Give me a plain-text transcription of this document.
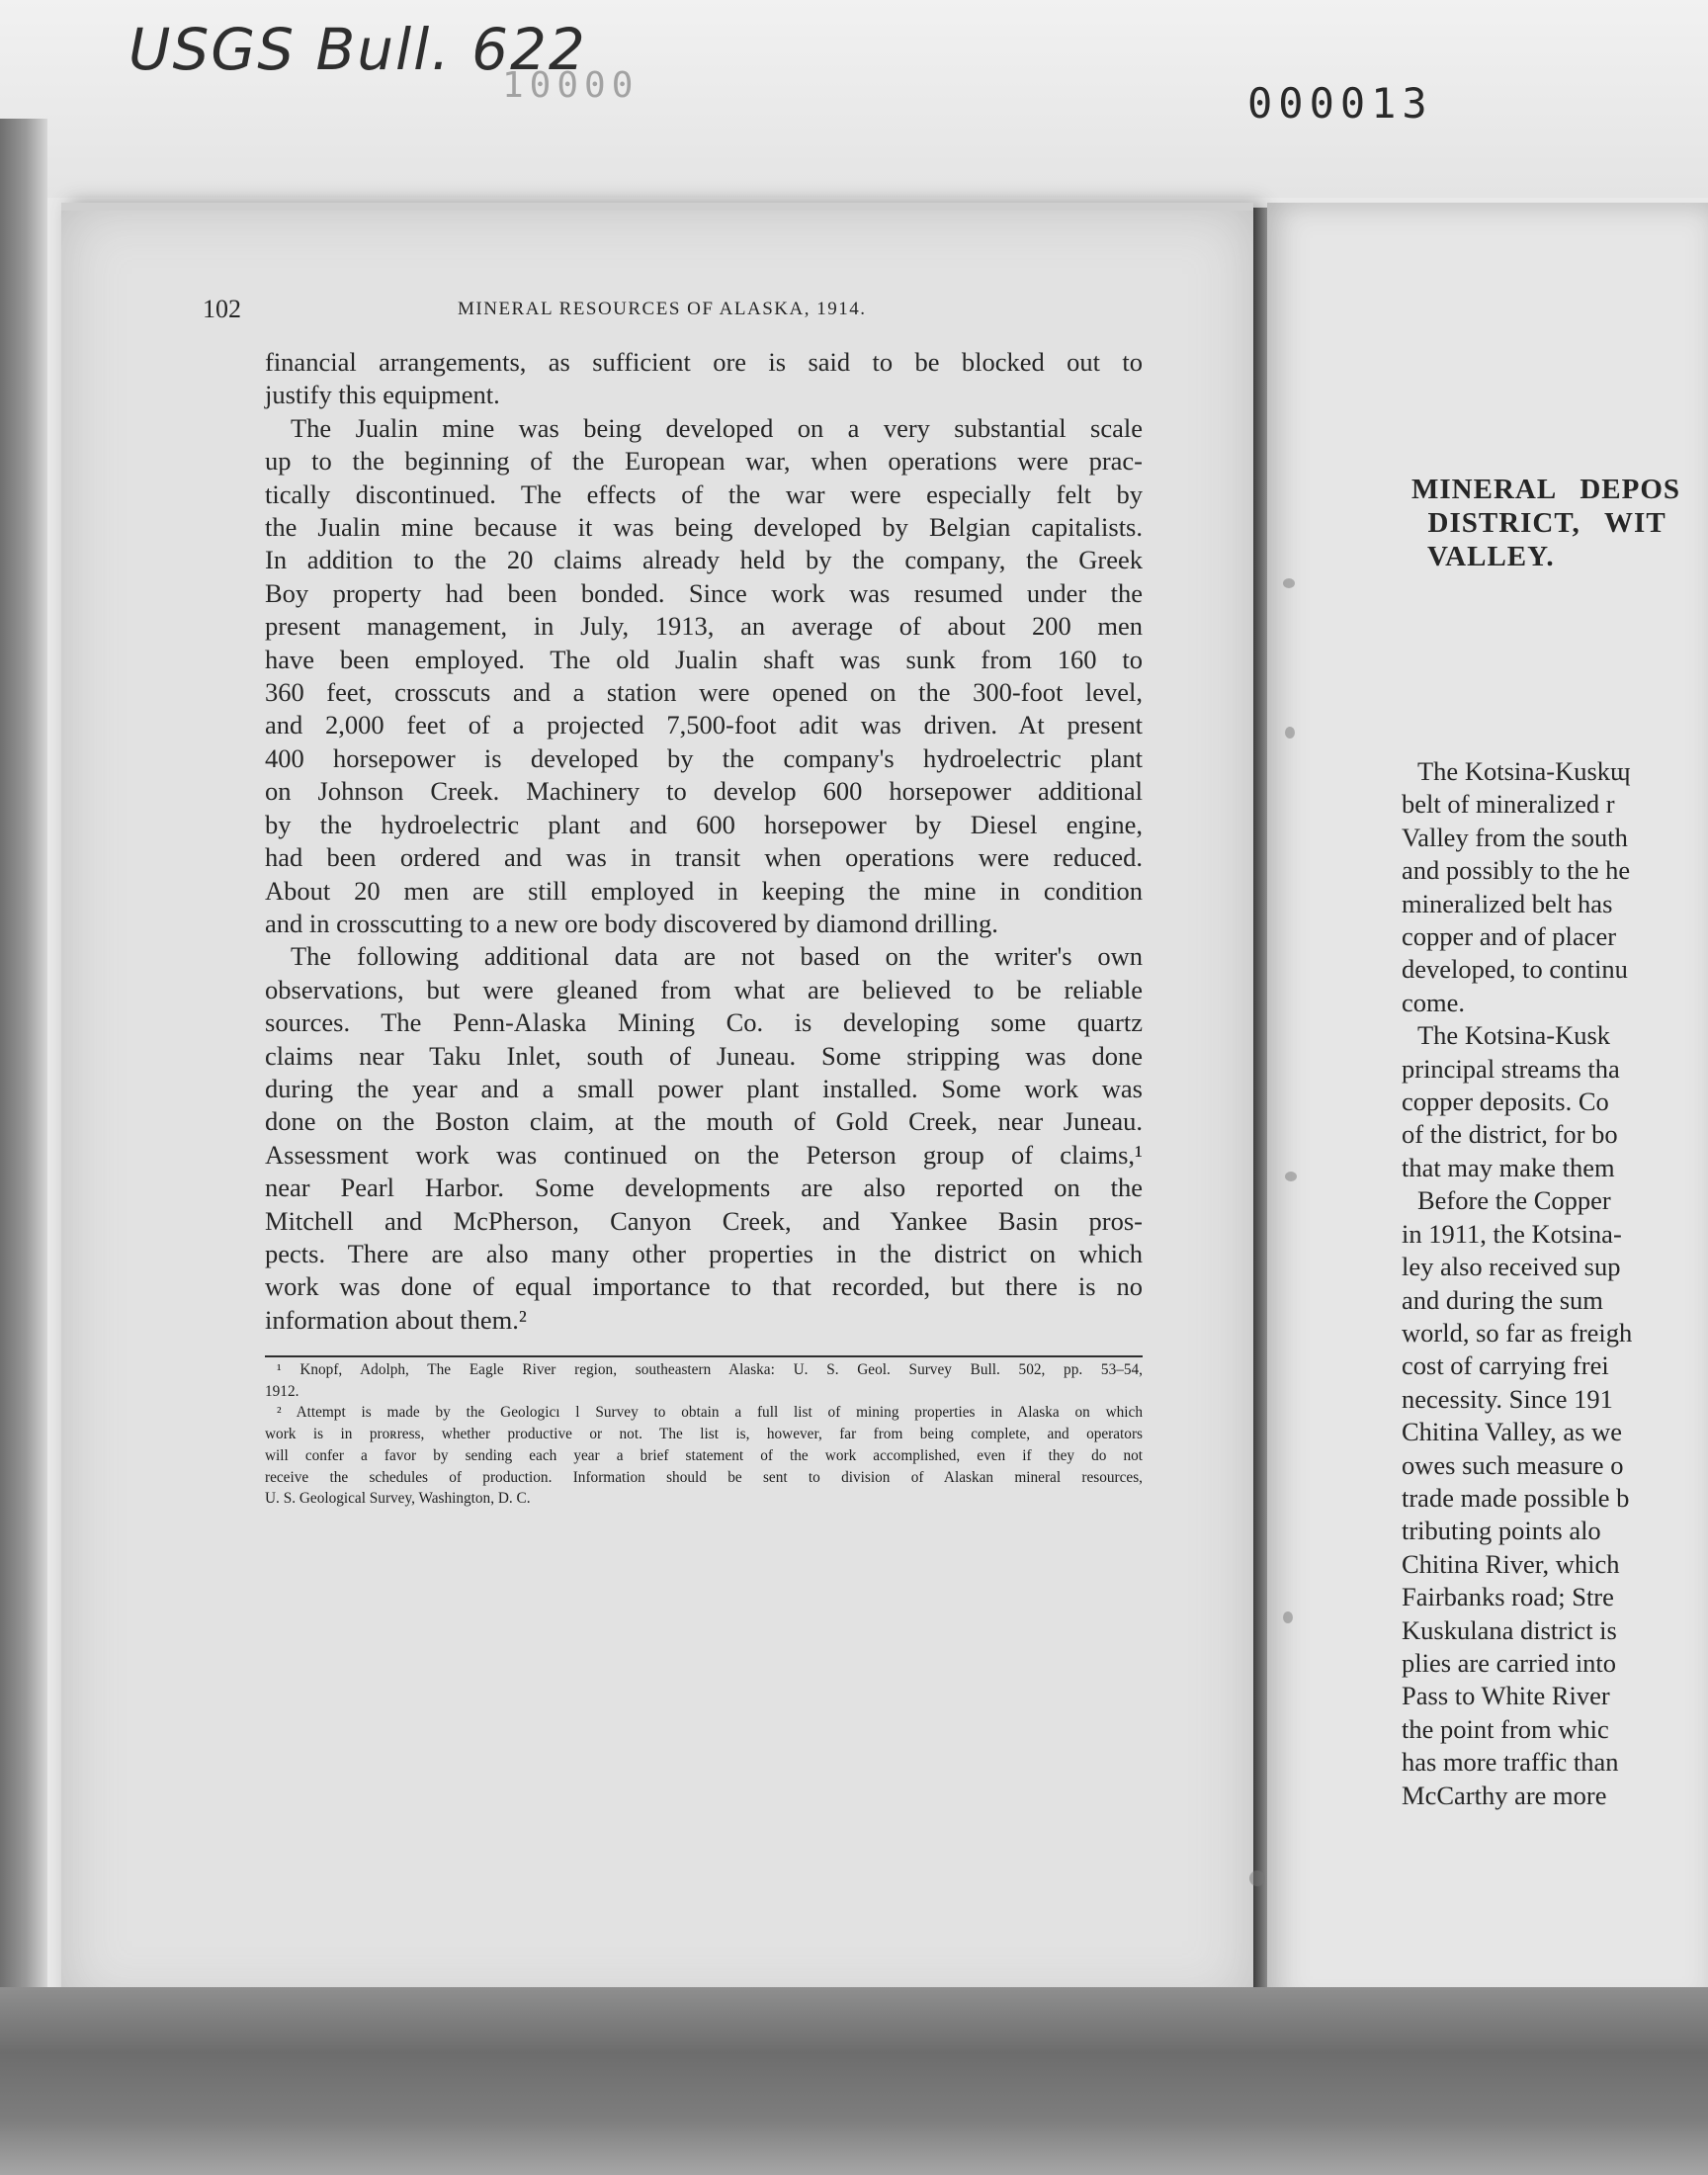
USGS Bull. 622
10000	000013
102	MINERAL RESOURCES OF ALASKA, 1914.
financial arrangements, as sufficient ore is said to be blocked out to
justify this equipment.
The Jualin mine was being developed on a very substantial scale
up to the beginning of the European war, when operations were prac-
tically discontinued. The effects of the war were especially felt by
the Jualin mine because it was being developed by Belgian capitalists.
In addition to the 20 claims already held by the company, the Greek
Boy property had been bonded. Since work was resumed under the
present management, in July, 1913, an average of about 200 men
have been employed. The old Jualin shaft was sunk from 160 to
360 feet, crosscuts and a station were opened on the 300-foot level,
and 2,000 feet of a projected 7,500-foot adit was driven. At present
400 horsepower is developed by the company's hydroelectric plant
on Johnson Creek. Machinery to develop 600 horsepower additional
by the hydroelectric plant and 600 horsepower by Diesel engine,
had been ordered and was in transit when operations were reduced.
About 20 men are still employed in keeping the mine in condition
and in crosscutting to a new ore body discovered by diamond drilling.
The following additional data are not based on the writer's own
observations, but were gleaned from what are believed to be reliable
sources. The Penn-Alaska Mining Co. is developing some quartz
claims near Taku Inlet, south of Juneau. Some stripping was done
during the year and a small power plant installed. Some work was
done on the Boston claim, at the mouth of Gold Creek, near Juneau.
Assessment work was continued on the Peterson group of claims,¹
near Pearl Harbor. Some developments are also reported on the
Mitchell and McPherson, Canyon Creek, and Yankee Basin pros-
pects. There are also many other properties in the district on which
work was done of equal importance to that recorded, but there is no
information about them.²
¹ Knopf, Adolph, The Eagle River region, southeastern Alaska: U. S. Geol. Survey Bull. 502, pp. 53–54,
1912.
² Attempt is made by the Geologicı l Survey to obtain a full list of mining properties in Alaska on which
work is in proʀress, whether productive or not. The list is, however, far from being complete, and operators
will confer a favor by sending each year a brief statement of the work accomplished, even if they do not
receive the schedules of production. Information should be sent to division of Alaskan mineral resources,
U. S. Geological Survey, Washington, D. C.
MINERAL   DEPOS
DISTRICT,   WIT
VALLEY.
The Kotsina-Kuskɰ
belt of mineralized r
Valley from the south
and possibly to the he
mineralized belt has
copper and of placer
developed, to continu
come.
The Kotsina-Kusk
principal streams tha
copper deposits. Co
of the district, for bo
that may make them
Before the Copper
in 1911, the Kotsina-
ley also received sup
and during the sum
world, so far as freigh
cost of carrying frei
necessity. Since 191
Chitina Valley, as we
owes such measure o
trade made possible b
tributing points alo
Chitina River, which
Fairbanks road; Stre
Kuskulana district is
plies are carried into
Pass to White River
the point from whic
has more traffic than
McCarthy are more
